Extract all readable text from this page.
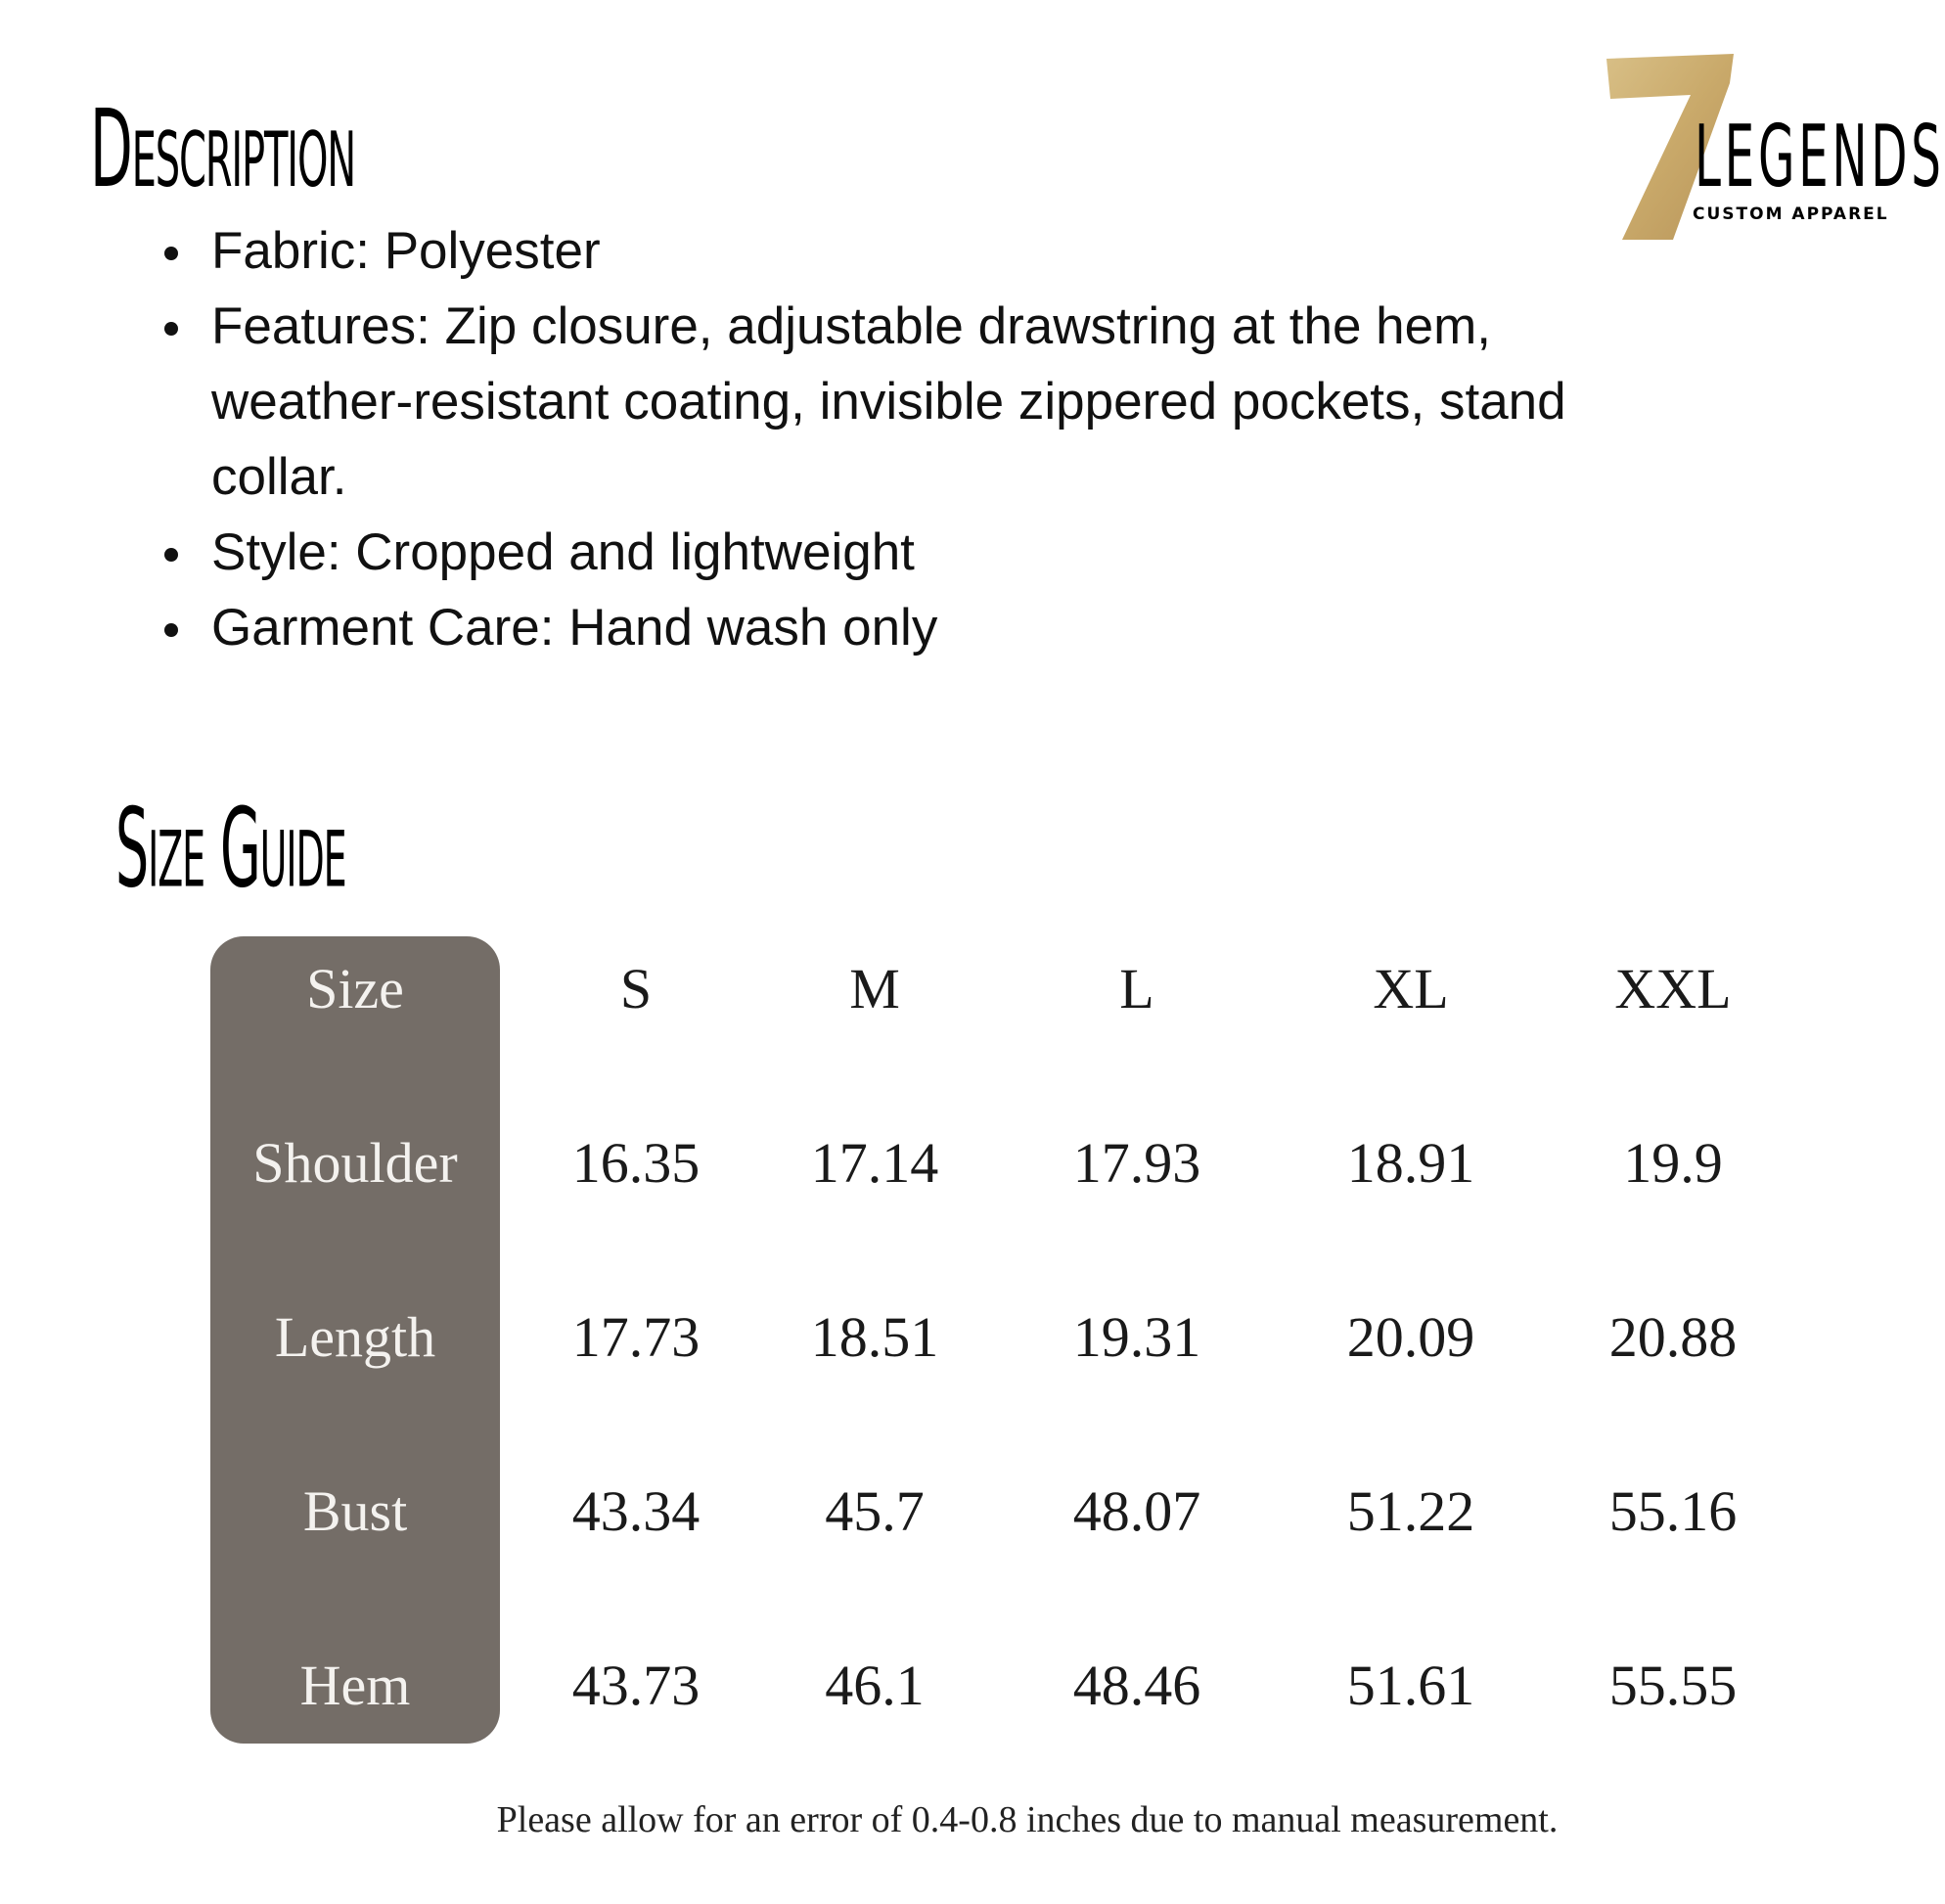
Description	LEGENDS
CUSTOM APPAREL
Fabric: Polyester
Features: Zip closure, adjustable drawstring at the hem, weather-resistant coating, invisible zippered pockets, stand collar.
Style: Cropped and lightweight
Garment Care: Hand wash only
Size Guide
Size	S	M	L	XL	XXL
Shoulder	16.35	17.14	17.93	18.91	19.9
Length	17.73	18.51	19.31	20.09	20.88
Bust	43.34	45.7	48.07	51.22	55.16
Hem	43.73	46.1	48.46	51.61	55.55
Please allow for an error of 0.4-0.8 inches due to manual measurement.
